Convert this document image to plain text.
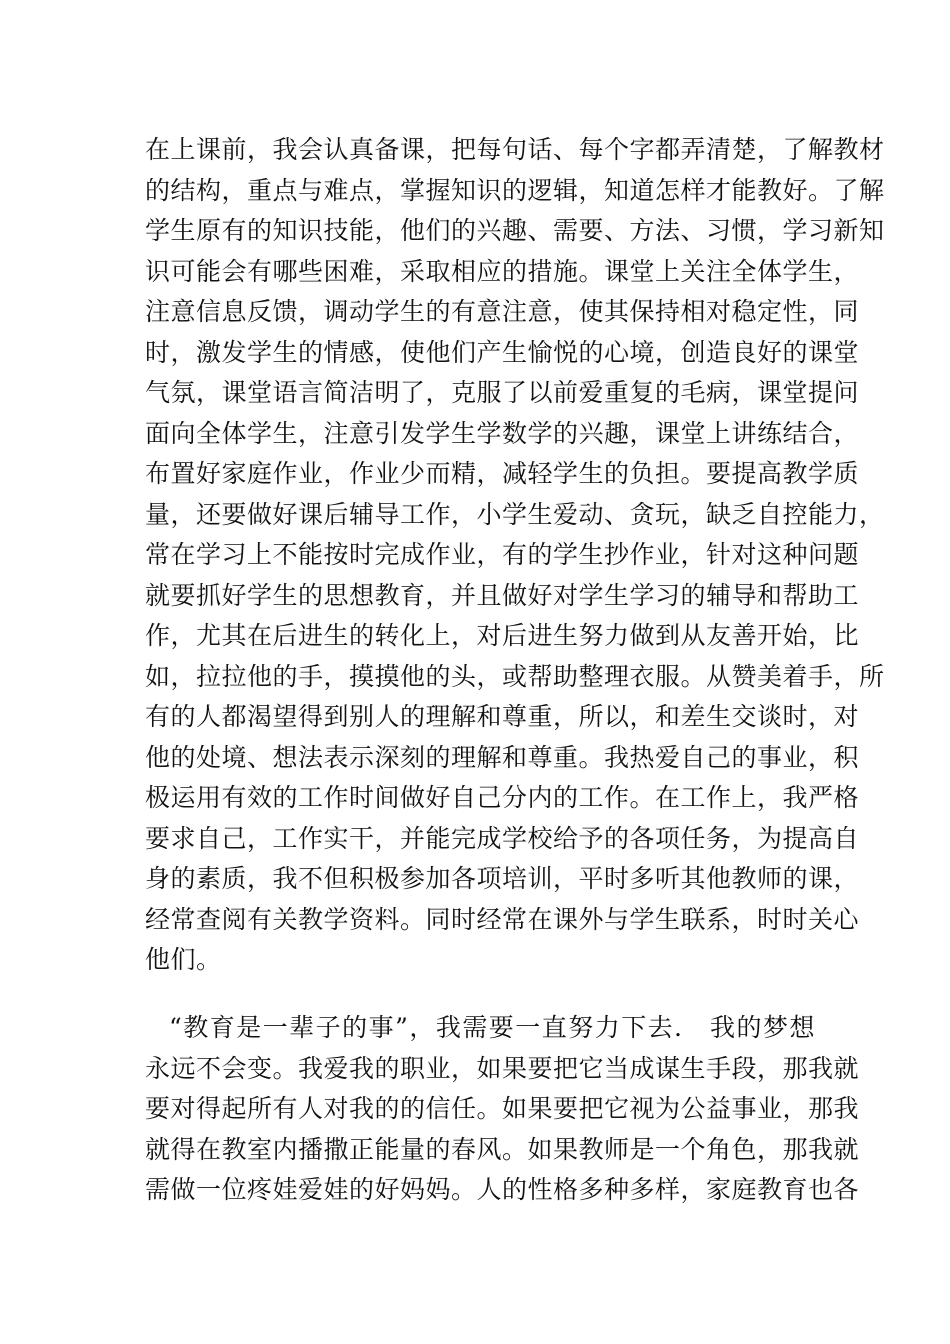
在上课前，我会认真备课，把每句话、每个字都弄清楚，了解教材
的结构，重点与难点，掌握知识的逻辑，知道怎样才能教好。了解
学生原有的知识技能，他们的兴趣、需要、方法、习惯，学习新知
识可能会有哪些困难，采取相应的措施。课堂上关注全体学生，
注意信息反馈，调动学生的有意注意，使其保持相对稳定性，同
时，激发学生的情感，使他们产生愉悦的心境，创造良好的课堂
气氛，课堂语言简洁明了，克服了以前爱重复的毛病，课堂提问
面向全体学生，注意引发学生学数学的兴趣，课堂上讲练结合，
布置好家庭作业，作业少而精，减轻学生的负担。要提高教学质
量，还要做好课后辅导工作，小学生爱动、贪玩，缺乏自控能力，
常在学习上不能按时完成作业，有的学生抄作业，针对这种问题
就要抓好学生的思想教育，并且做好对学生学习的辅导和帮助工
作，尤其在后进生的转化上，对后进生努力做到从友善开始，比
如，拉拉他的手，摸摸他的头，或帮助整理衣服。从赞美着手，所
有的人都渴望得到别人的理解和尊重，所以，和差生交谈时，对
他的处境、想法表示深刻的理解和尊重。我热爱自己的事业，积
极运用有效的工作时间做好自己分内的工作。在工作上，我严格
要求自己，工作实干，并能完成学校给予的各项任务，为提高自
身的素质，我不但积极参加各项培训，平时多听其他教师的课，
经常查阅有关教学资料。同时经常在课外与学生联系，时时关心
他们。
“教育是一辈子的事”，我需要一直努力下去． 我的梦想
永远不会变。我爱我的职业，如果要把它当成谋生手段，那我就
要对得起所有人对我的的信任。如果要把它视为公益事业，那我
就得在教室内播撒正能量的春风。如果教师是一个角色，那我就
需做一位疼娃爱娃的好妈妈。人的性格多种多样，家庭教育也各
